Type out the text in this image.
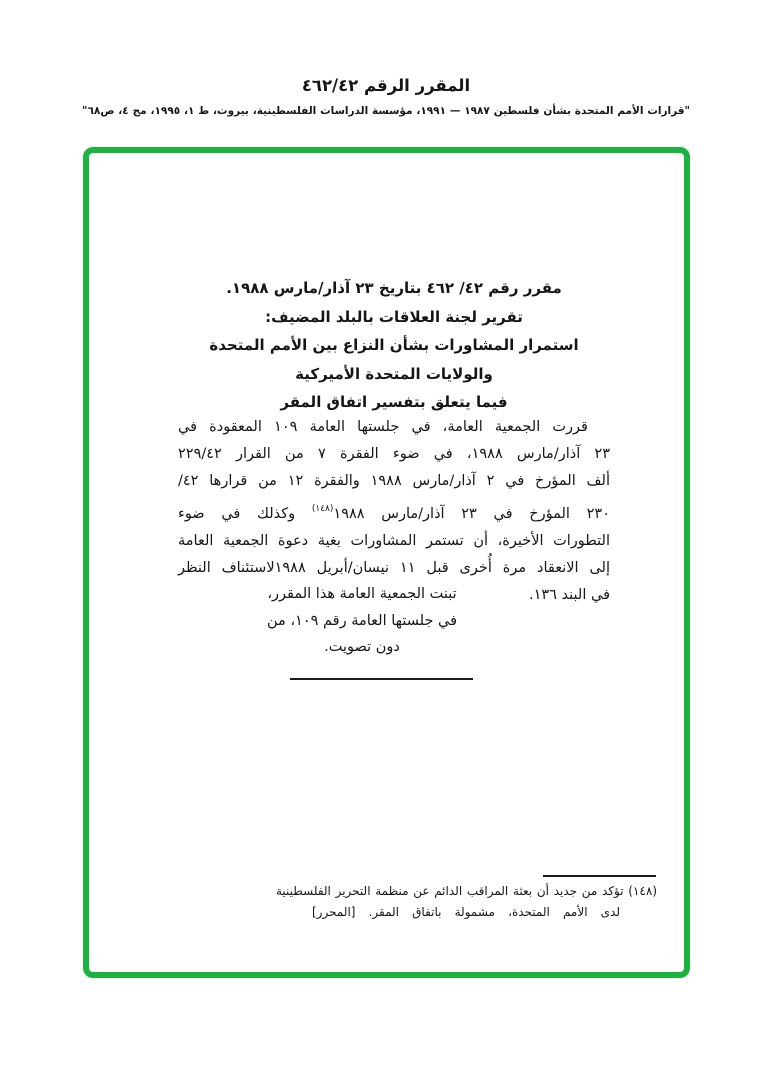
المقرر الرقم ٤٦٢/٤٢
"قرارات الأمم المتحدة بشأن فلسطين ١٩٨٧ — ١٩٩١، مؤسسة الدراسات الفلسطينية، بيروت، ط ١، ١٩٩٥، مج ٤، ص٦٨"
مقرر رقم ٤٢/ ٤٦٢ بتاريخ ٢٣ آذار/مارس ١٩٨٨.
تقرير لجنة العلاقات بالبلد المضيف:
استمرار المشاورات بشأن النزاع بين الأمم المتحدة
والولايات المتحدة الأميركية
فيما يتعلق بتفسير اتفاق المقر
قررت الجمعية العامة، في جلستها العامة ١٠٩ المعقودة في
٢٣ آذار/مارس ١٩٨٨، في ضوء الفقرة ٧ من القرار ٢٢٩/٤٢
ألف المؤرخ في ٢ آذار/مارس ١٩٨٨ والفقرة ١٢ من قرارها ٤٢/
٢٣٠ المؤرخ في ٢٣ آذار/مارس ١٩٨٨$^{(١٤٨)}$ وكذلك في ضوء
التطورات الأخيرة، أن تستمر المشاورات بغية دعوة الجمعية العامة
إلى الانعقاد مرة أُخرى قبل ١١ نيسان/أبريل ١٩٨٨لاستئناف النظر
في البند ١٣٦.
تبنت الجمعية العامة هذا المقرر،
في جلستها العامة رقم ١٠٩، من
دون تصويت.
(١٤٨) تؤكد من جديد أن بعثة المراقب الدائم عن منظمة التحرير الفلسطينية
لدى الأمم المتحدة، مشمولة باتفاق المقر. [المحرر]
